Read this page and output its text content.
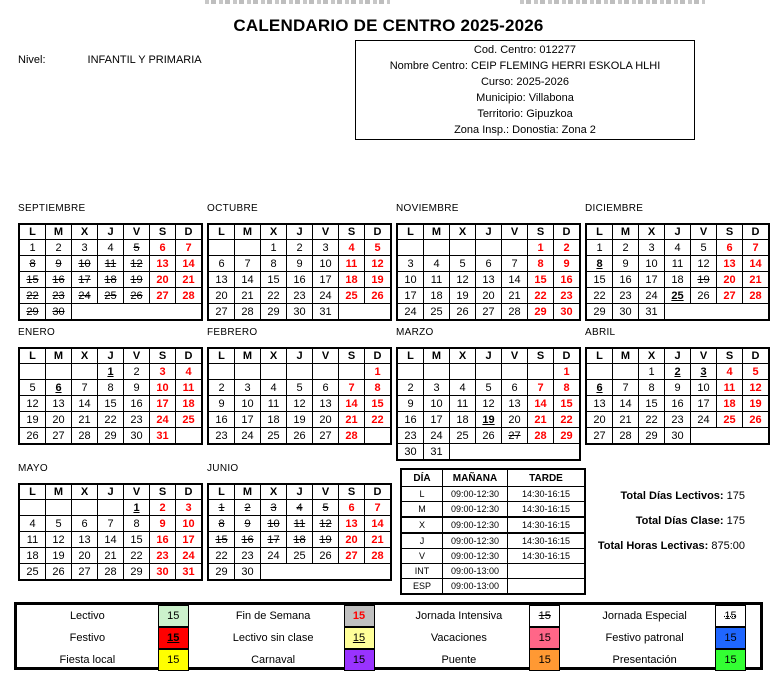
CALENDARIO DE CENTRO 2025-2026
Nivel:	INFANTIL Y PRIMARIA
Cod. Centro: 012277
Nombre Centro: CEIP FLEMING HERRI ESKOLA HLHI
Curso: 2025-2026
Municipio: Villabona
Territorio: Gipuzkoa
Zona Insp.: Donostia: Zona 2
SEPTIEMBRE
L	M	X	J	V	S	D
1	2	3	4	5	6	7
8	9	10	11	12	13	14
15	16	17	18	19	20	21
22	23	24	25	26	27	28
29	30					
OCTUBRE
L	M	X	J	V	S	D
		1	2	3	4	5
6	7	8	9	10	11	12
13	14	15	16	17	18	19
20	21	22	23	24	25	26
27	28	29	30	31		
NOVIEMBRE
L	M	X	J	V	S	D
					1	2
3	4	5	6	7	8	9
10	11	12	13	14	15	16
17	18	19	20	21	22	23
24	25	26	27	28	29	30
DICIEMBRE
L	M	X	J	V	S	D
1	2	3	4	5	6	7
8	9	10	11	12	13	14
15	16	17	18	19	20	21
22	23	24	25	26	27	28
29	30	31				
ENERO
L	M	X	J	V	S	D
			1	2	3	4
5	6	7	8	9	10	11
12	13	14	15	16	17	18
19	20	21	22	23	24	25
26	27	28	29	30	31	
FEBRERO
L	M	X	J	V	S	D
						1
2	3	4	5	6	7	8
9	10	11	12	13	14	15
16	17	18	19	20	21	22
23	24	25	26	27	28	
MARZO
L	M	X	J	V	S	D
						1
2	3	4	5	6	7	8
9	10	11	12	13	14	15
16	17	18	19	20	21	22
23	24	25	26	27	28	29
30	31					
ABRIL
L	M	X	J	V	S	D
		1	2	3	4	5
6	7	8	9	10	11	12
13	14	15	16	17	18	19
20	21	22	23	24	25	26
27	28	29	30			
MAYO
L	M	X	J	V	S	D
				1	2	3
4	5	6	7	8	9	10
11	12	13	14	15	16	17
18	19	20	21	22	23	24
25	26	27	28	29	30	31
JUNIO
L	M	X	J	V	S	D
1	2	3	4	5	6	7
8	9	10	11	12	13	14
15	16	17	18	19	20	21
22	23	24	25	26	27	28
29	30					
DÍA	MAÑANA	TARDE
L	09:00-12:30	14:30-16:15
M	09:00-12:30	14:30-16:15
X	09:00-12:30	14:30-16:15
J	09:00-12:30	14:30-16:15
V	09:00-12:30	14:30-16:15
INT	09:00-13:00	
ESP	09:00-13:00	
Total Días Lectivos: 175
Total Días Clase: 175
Total Horas Lectivas: 875:00
Lectivo	15
Festivo	15
Fiesta local	15
Fin de Semana	15
Lectivo sin clase	15
Carnaval	15
Jornada Intensiva	15
Vacaciones	15
Puente	15
Jornada Especial	15
Festivo patronal	15
Presentación	15
